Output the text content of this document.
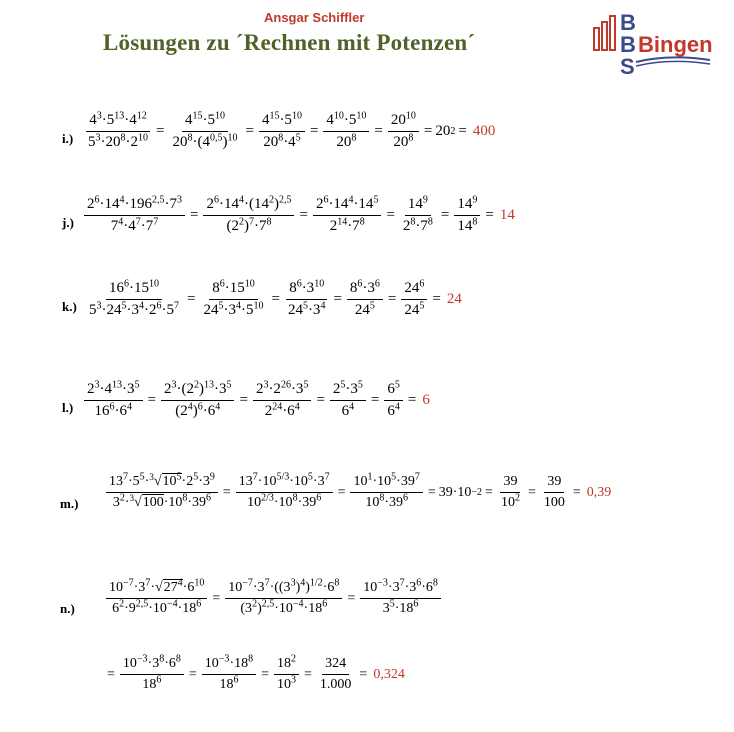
Ansgar Schiffler
Lösungen zu ´Rechnen mit Potenzen´
B
B
S
Bingen
$i.) \frac{4^3\cdot 5^{13}\cdot 4^{12}}{5^3\cdot 20^8\cdot 2^{10}} = \frac{4^{15}\cdot 5^{10}}{20^8\cdot(4^{0,5})^{10}} = \frac{4^{15}\cdot 5^{10}}{20^8\cdot 4^5} = \frac{4^{10}\cdot 5^{10}}{20^8} = \frac{20^{10}}{20^8} = 20$ 2 = 400
$j.) \frac{2^6\cdot 14^4\cdot 196^{2,5}\cdot 7^3}{7^4\cdot 4^7\cdot 7^7} = \frac{2^6\cdot 14^4\cdot(14^2)^{2,5}}{(2^2)^7\cdot 7^8} = \frac{2^6\cdot 14^4\cdot 14^5}{2^{14}\cdot 7^8} = \frac{14^9}{2^8\cdot 7^8} = \frac{14^9}{14^8} = 14$
$k.) \frac{16^6\cdot 15^{10}}{5^3\cdot 24^5\cdot 3^4\cdot 2^6\cdot 5^7} = \frac{8^6\cdot 15^{10}}{24^5\cdot 3^4\cdot 5^{10}} = \frac{8^6\cdot 3^{10}}{24^5\cdot 3^4} = \frac{8^6\cdot 3^6}{24^5} = \frac{24^6}{24^5} = 24$
$l.) \frac{2^3\cdot 4^{13}\cdot 3^5}{16^6\cdot 6^4} = \frac{2^3\cdot(2^2)^{13}\cdot 3^5}{(2^4)^6\cdot 6^4} = \frac{2^3\cdot 2^{26}\cdot 3^5}{2^{24}\cdot 6^4} = \frac{2^5\cdot 3^5}{6^4} = \frac{6^5}{6^4} = 6$
$m.) \frac{13^7\cdot 5^5\cdot^3√10^5\cdot 2^5\cdot 3^9}{3^2\cdot^3√100\cdot 10^8\cdot 39^6} = \frac{13^7\cdot 10^{5/3}\cdot 10^5\cdot 3^7}{10^{2/3}\cdot 10^8\cdot 39^6} = \frac{10^1\cdot 10^5\cdot 39^7}{10^8\cdot 39^6} = 39\cdot 10 -2 = \frac{39}{10^2} = \frac{39}{100} = 0,39$
$n.) \frac{10^{-7}\cdot 3^7\cdot√27^4\cdot 6^{10}}{6^2\cdot 9^{2,5}\cdot 10^{-4}\cdot 18^6} = \frac{10^{-7}\cdot 3^7\cdot((3^3)^4)^{1/2}\cdot 6^8}{(3^2)^{2,5}\cdot 10^{-4}\cdot 18^6} = \frac{10^{-3}\cdot 3^7\cdot 3^6\cdot 6^8}{3^5\cdot 18^6}$
= $\frac{10^{-3}\cdot 3^8\cdot 6^8}{18^6} = \frac{10^{-3}\cdot 18^8}{18^6} = \frac{18^2}{10^3} = \frac{324}{1.000} = 0,324$
